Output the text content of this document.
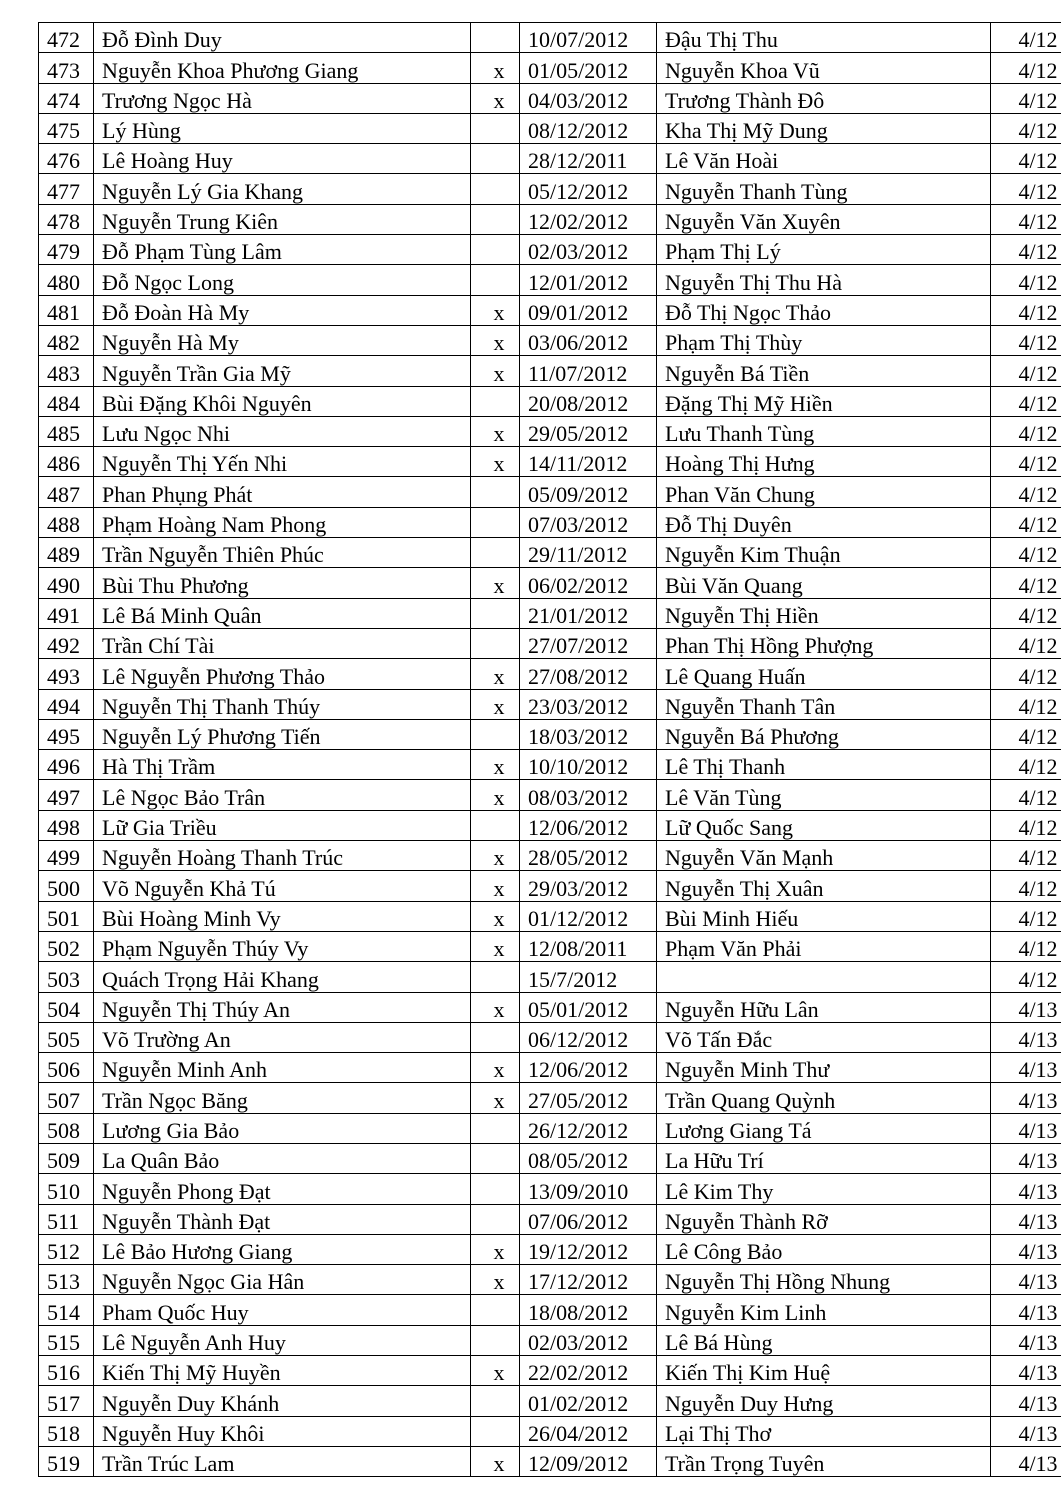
472	Đỗ Đình Duy		10/07/2012	Đậu Thị Thu	4/12
473	Nguyễn Khoa Phương Giang	x	01/05/2012	Nguyễn Khoa Vũ	4/12
474	Trương Ngọc Hà	x	04/03/2012	Trương Thành Đô	4/12
475	Lý Hùng		08/12/2012	Kha Thị Mỹ Dung	4/12
476	Lê Hoàng Huy		28/12/2011	Lê Văn Hoài	4/12
477	Nguyễn Lý Gia Khang		05/12/2012	Nguyễn Thanh Tùng	4/12
478	Nguyễn Trung Kiên		12/02/2012	Nguyễn Văn Xuyên	4/12
479	Đỗ Phạm Tùng Lâm		02/03/2012	Phạm Thị Lý	4/12
480	Đỗ Ngọc Long		12/01/2012	Nguyễn Thị Thu Hà	4/12
481	Đỗ Đoàn Hà My	x	09/01/2012	Đỗ Thị Ngọc Thảo	4/12
482	Nguyễn Hà My	x	03/06/2012	Phạm Thị Thùy	4/12
483	Nguyễn Trần Gia Mỹ	x	11/07/2012	Nguyễn Bá Tiền	4/12
484	Bùi Đặng Khôi Nguyên		20/08/2012	Đặng Thị Mỹ Hiền	4/12
485	Lưu Ngọc Nhi	x	29/05/2012	Lưu Thanh Tùng	4/12
486	Nguyễn Thị Yến Nhi	x	14/11/2012	Hoàng Thị Hưng	4/12
487	Phan Phụng Phát		05/09/2012	Phan Văn Chung	4/12
488	Phạm Hoàng Nam Phong		07/03/2012	Đỗ Thị Duyên	4/12
489	Trần Nguyễn Thiên Phúc		29/11/2012	Nguyễn Kim Thuận	4/12
490	Bùi Thu Phương	x	06/02/2012	Bùi Văn Quang	4/12
491	Lê Bá Minh Quân		21/01/2012	Nguyễn Thị Hiền	4/12
492	Trần Chí Tài		27/07/2012	Phan Thị Hồng Phượng	4/12
493	Lê Nguyễn Phương Thảo	x	27/08/2012	Lê Quang Huấn	4/12
494	Nguyễn Thị Thanh Thúy	x	23/03/2012	Nguyễn Thanh Tân	4/12
495	Nguyễn Lý Phương Tiến		18/03/2012	Nguyễn Bá Phương	4/12
496	Hà Thị Trầm	x	10/10/2012	Lê Thị Thanh	4/12
497	Lê Ngọc Bảo Trân	x	08/03/2012	Lê Văn Tùng	4/12
498	Lữ Gia Triều		12/06/2012	Lữ Quốc Sang	4/12
499	Nguyễn Hoàng Thanh Trúc	x	28/05/2012	Nguyễn Văn Mạnh	4/12
500	Võ Nguyễn Khả Tú	x	29/03/2012	Nguyễn Thị Xuân	4/12
501	Bùi Hoàng Minh Vy	x	01/12/2012	Bùi Minh Hiếu	4/12
502	Phạm Nguyễn Thúy Vy	x	12/08/2011	Phạm Văn Phải	4/12
503	Quách Trọng Hải Khang		15/7/2012		4/12
504	Nguyễn Thị Thúy An	x	05/01/2012	Nguyễn Hữu Lân	4/13
505	Võ Trường An		06/12/2012	Võ Tấn Đắc	4/13
506	Nguyễn Minh Anh	x	12/06/2012	Nguyễn Minh Thư	4/13
507	Trần Ngọc Băng	x	27/05/2012	Trần Quang Quỳnh	4/13
508	Lương Gia Bảo		26/12/2012	Lương Giang Tá	4/13
509	La Quân Bảo		08/05/2012	La Hữu Trí	4/13
510	Nguyễn Phong Đạt		13/09/2010	Lê Kim Thy	4/13
511	Nguyễn Thành Đạt		07/06/2012	Nguyễn Thành Rỡ	4/13
512	Lê Bảo Hương Giang	x	19/12/2012	Lê Công Bảo	4/13
513	Nguyễn Ngọc Gia Hân	x	17/12/2012	Nguyễn Thị Hồng Nhung	4/13
514	Pham Quốc Huy		18/08/2012	Nguyễn Kim Linh	4/13
515	Lê Nguyễn Anh Huy		02/03/2012	Lê Bá Hùng	4/13
516	Kiến Thị Mỹ Huyền	x	22/02/2012	Kiến Thị Kim Huệ	4/13
517	Nguyễn Duy Khánh		01/02/2012	Nguyễn Duy Hưng	4/13
518	Nguyễn Huy Khôi		26/04/2012	Lại Thị Thơ	4/13
519	Trần Trúc Lam	x	12/09/2012	Trần Trọng Tuyên	4/13
